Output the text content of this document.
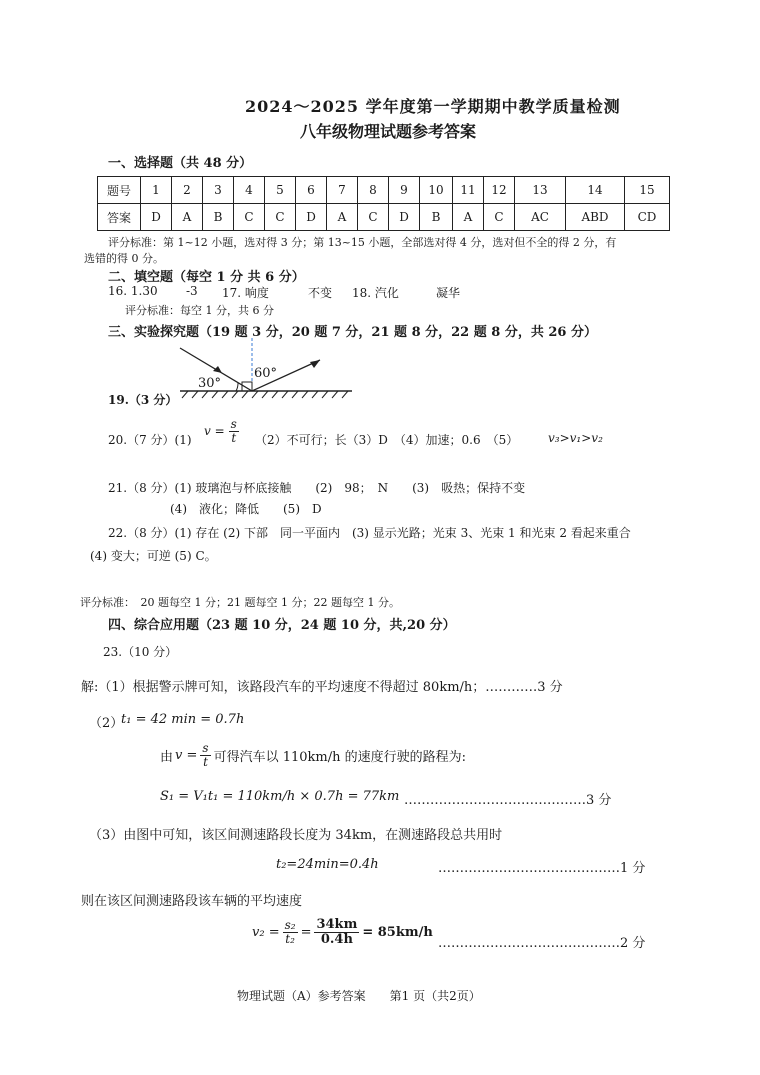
2024～2025 学年度第一学期期中教学质量检测
八年级物理试题参考答案
一、选择题（共 48 分）
题号	1	2	3	4	5	6	7	8	9	10	11	12	13	14	15
答案	D	A	B	C	C	D	A	C	D	B	A	C	AC	ABD	CD
评分标准：第 1~12 小题，选对得 3 分；第 13~15 小题，全部选对得 4 分，选对但不全的得 2 分，有
选错的得 0 分。
二、填空题（每空 1 分 共 6 分）
16. 1.30 -3 17. 响度	不变 18. 汽化	凝华
评分标准：每空 1 分，共 6 分
三、实验探究题（19 题 3 分，20 题 7 分，21 题 8 分，22 题 8 分，共 26 分）
30°
60°
19.（3 分）
20.（7 分）(1)
$v = \frac{s}{t} (2)$不可行；长（3）D　（4）加速；0.6　（5） v₃>v₁>v₂
21.（8 分）(1) 玻璃泡与杯底接触　　(2)　98；　N　　(3)　吸热；保持不变
(4)　液化；降低　　(5)　D
22.（8 分）(1) 存在 (2) 下部　同一平面内　(3) 显示光路；光束 3、光束 1 和光束 2 看起来重合
(4) 变大；可逆 (5) C。
评分标准：　20 题每空 1 分；21 题每空 1 分；22 题每空 1 分。
四、综合应用题（23 题 10 分，24 题 10 分，共,20 分）
23.（10 分）
解:（1）根据警示牌可知，该路段汽车的平均速度不得超过 80km/h；…………3 分
（2）
t₁ = 42 min = 0.7h
由 $v = \frac{s}{t}$ 可得汽车以 110km/h 的速度行驶的路程为:
S₁ = V₁t₁ = 110km/h × 0.7h = 77km ……………………………………3 分
（3）由图中可知，该区间测速路段长度为 34km，在测速路段总共用时
t₂=24min=0.4h	……………………………………1 分
则在该区间测速路段该车辆的平均速度
$v_2 = \frac{\text{s₂}}{\text{t₂}} = \frac{34km}{0.4h} = 85km/h$
……………………………………2 分
物理试题（A）参考答案　　第1 页（共2页）
